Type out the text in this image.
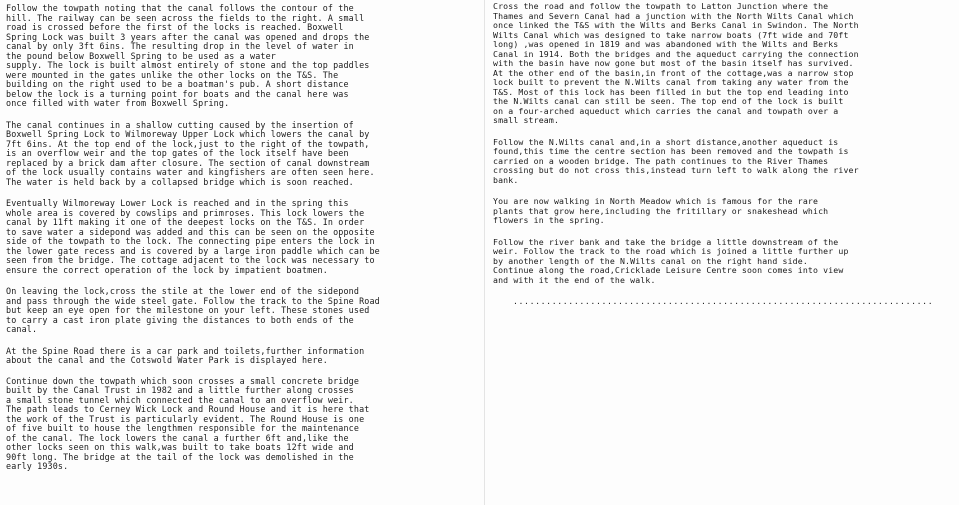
Follow the towpath noting that the canal follows the contour of the
hill. The railway can be seen across the fields to the right. A small
road is crossed before the first of the locks is reached. Boxwell
Spring Lock was built 3 years after the canal was opened and drops the
canal by only 3ft 6ins. The resulting drop in the level of water in
the pound below Boxwell Spring to be used as a water
supply. The lock is built almost entirely of stone and the top paddles
were mounted in the gates unlike the other locks on the T&S. The
building on the right used to be a boatman's pub. A short distance
below the lock is a turning point for boats and the canal here was
once filled with water from Boxwell Spring.

The canal continues in a shallow cutting caused by the insertion of
Boxwell Spring Lock to Wilmoreway Upper Lock which lowers the canal by
7ft 6ins. At the top end of the lock,just to the right of the towpath,
is an overflow weir and the top gates of the lock itself have been
replaced by a brick dam after closure. The section of canal downstream
of the lock usually contains water and kingfishers are often seen here.
The water is held back by a collapsed bridge which is soon reached.

Eventually Wilmoreway Lower Lock is reached and in the spring this
whole area is covered by cowslips and primroses. This lock lowers the
canal by 11ft making it one of the deepest locks on the T&S. In order
to save water a sidepond was added and this can be seen on the opposite
side of the towpath to the lock. The connecting pipe enters the lock in
the lower gate recess and is covered by a large iron paddle which can be
seen from the bridge. The cottage adjacent to the lock was necessary to
ensure the correct operation of the lock by impatient boatmen.

On leaving the lock,cross the stile at the lower end of the sidepond
and pass through the wide steel gate. Follow the track to the Spine Road
but keep an eye open for the milestone on your left. These stones used
to carry a cast iron plate giving the distances to both ends of the
canal.

At the Spine Road there is a car park and toilets,further information
about the canal and the Cotswold Water Park is displayed here.

Continue down the towpath which soon crosses a small concrete bridge
built by the Canal Trust in 1982 and a little further along crosses
a small stone tunnel which connected the canal to an overflow weir.
The path leads to Cerney Wick Lock and Round House and it is here that
the work of the Trust is particularly evident. The Round House is one
of five built to house the lengthmen responsible for the maintenance
of the canal. The lock lowers the canal a further 6ft and,like the
other locks seen on this walk,was built to take boats 12ft wide and
90ft long. The bridge at the tail of the lock was demolished in the
early 1930s.

Cross the road and follow the towpath to Latton Junction where the
Thames and Severn Canal had a junction with the North Wilts Canal which
once linked the T&S with the Wilts and Berks Canal in Swindon. The North
Wilts Canal which was designed to take narrow boats (7ft wide and 70ft
long) ,was opened in 1819 and was abandoned with the Wilts and Berks
Canal in 1914. Both the bridges and the aqueduct carrying the connection
with the basin have now gone but most of the basin itself has survived.
At the other end of the basin,in front of the cottage,was a narrow stop
lock built to prevent the N.Wilts canal from taking any water from the
T&S. Most of this lock has been filled in but the top end leading into
the N.Wilts canal can still be seen. The top end of the lock is built
on a four-arched aqueduct which carries the canal and towpath over a
small stream.

Follow the N.Wilts canal and,in a short distance,another aqueduct is
found,this time the centre section has been removed and the towpath is
carried on a wooden bridge. The path continues to the River Thames
crossing but do not cross this,instead turn left to walk along the river
bank.

You are now walking in North Meadow which is famous for the rare
plants that grow here,including the fritillary or snakeshead which
flowers in the spring.

Follow the river bank and take the bridge a little downstream of the
weir. Follow the track to the road which is joined a little further up
by another length of the N.Wilts canal on the right hand side.
Continue along the road,Cricklade Leisure Centre soon comes into view
and with it the end of the walk.

............................................................................
